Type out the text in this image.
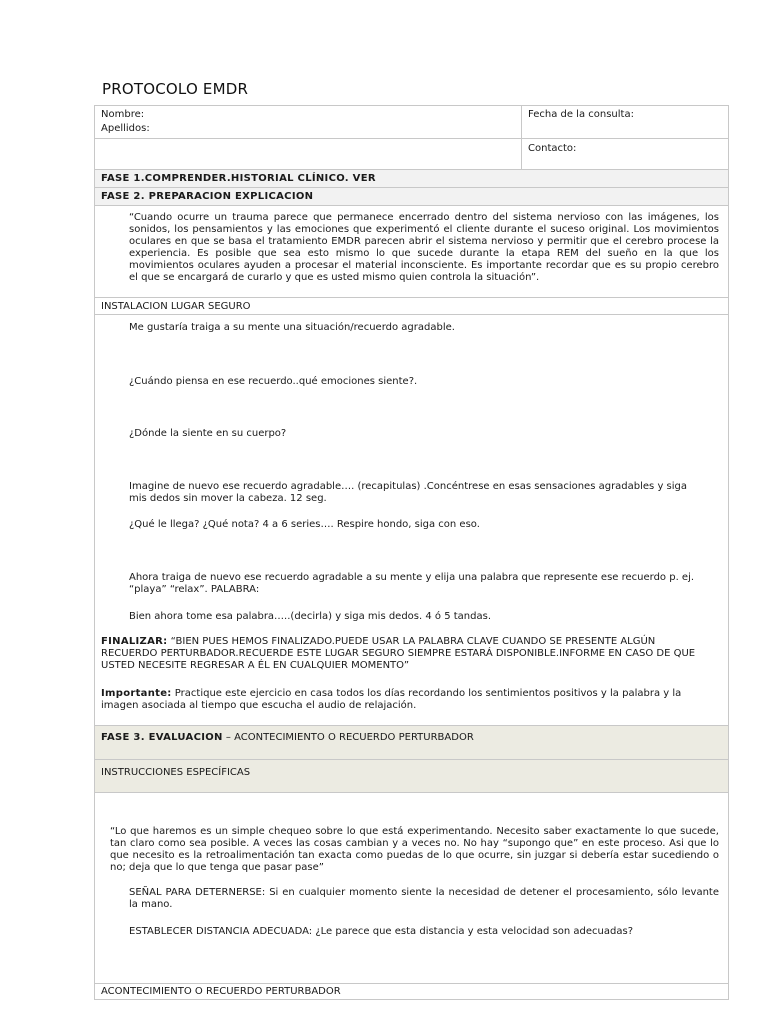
PROTOCOLO EMDR
Nombre:
Apellidos:
Fecha de la consulta:
Contacto:
FASE 1.COMPRENDER.HISTORIAL CLÍNICO. VER
FASE 2. PREPARACION EXPLICACION
“Cuando ocurre un trauma parece que permanece encerrado dentro del sistema nervioso con las imágenes, los sonidos, los pensamientos y las emociones que experimentó el cliente durante el suceso original. Los movimientos oculares en que se basa el tratamiento EMDR parecen abrir el sistema nervioso y permitir que el cerebro procese la experiencia. Es posible que sea esto mismo lo que sucede durante la etapa REM del sueño en la que los movimientos oculares ayuden a procesar el material inconsciente. Es importante recordar que es su propio cerebro el que se encargará de curarlo y que es usted mismo quien controla la situación”.
INSTALACION LUGAR SEGURO
Me gustaría traiga a su mente una situación/recuerdo agradable.
¿Cuándo piensa en ese recuerdo..qué emociones siente?.
¿Dónde la siente en su cuerpo?
Imagine de nuevo ese recuerdo agradable…. (recapitulas) .Concéntrese en esas sensaciones agradables y siga mis dedos sin mover la cabeza. 12 seg.
¿Qué le llega? ¿Qué nota? 4 a 6 series…. Respire hondo, siga con eso.
Ahora traiga de nuevo ese recuerdo agradable a su mente y elija una palabra que represente ese recuerdo p. ej. “playa” “relax”. PALABRA:
Bien ahora tome esa palabra…..(decirla) y siga mis dedos. 4 ó 5 tandas.
FINALIZAR: “BIEN PUES HEMOS FINALIZADO.PUEDE USAR LA PALABRA CLAVE CUANDO SE PRESENTE ALGÚN RECUERDO PERTURBADOR.RECUERDE ESTE LUGAR SEGURO SIEMPRE ESTARÁ DISPONIBLE.INFORME EN CASO DE QUE USTED NECESITE REGRESAR A ÉL EN CUALQUIER MOMENTO”
Importante: Practique este ejercicio en casa todos los días recordando los sentimientos positivos y la palabra y la imagen asociada al tiempo que escucha el audio de relajación.
FASE 3. EVALUACION – ACONTECIMIENTO O RECUERDO PERTURBADOR
INSTRUCCIONES ESPECÍFICAS
“Lo que haremos es un simple chequeo sobre lo que está experimentando. Necesito saber exactamente lo que sucede, tan claro como sea posible. A veces las cosas cambian y a veces no. No hay “supongo que” en este proceso. Asi que lo que necesito es la retroalimentación tan exacta como puedas de lo que ocurre, sin juzgar si debería estar sucediendo o no; deja que lo que tenga que pasar pase”
SEÑAL PARA DETERNERSE: Si en cualquier momento siente la necesidad de detener el procesamiento, sólo levante la mano.
ESTABLECER DISTANCIA ADECUADA: ¿Le parece que esta distancia y esta velocidad son adecuadas?
ACONTECIMIENTO O RECUERDO PERTURBADOR
